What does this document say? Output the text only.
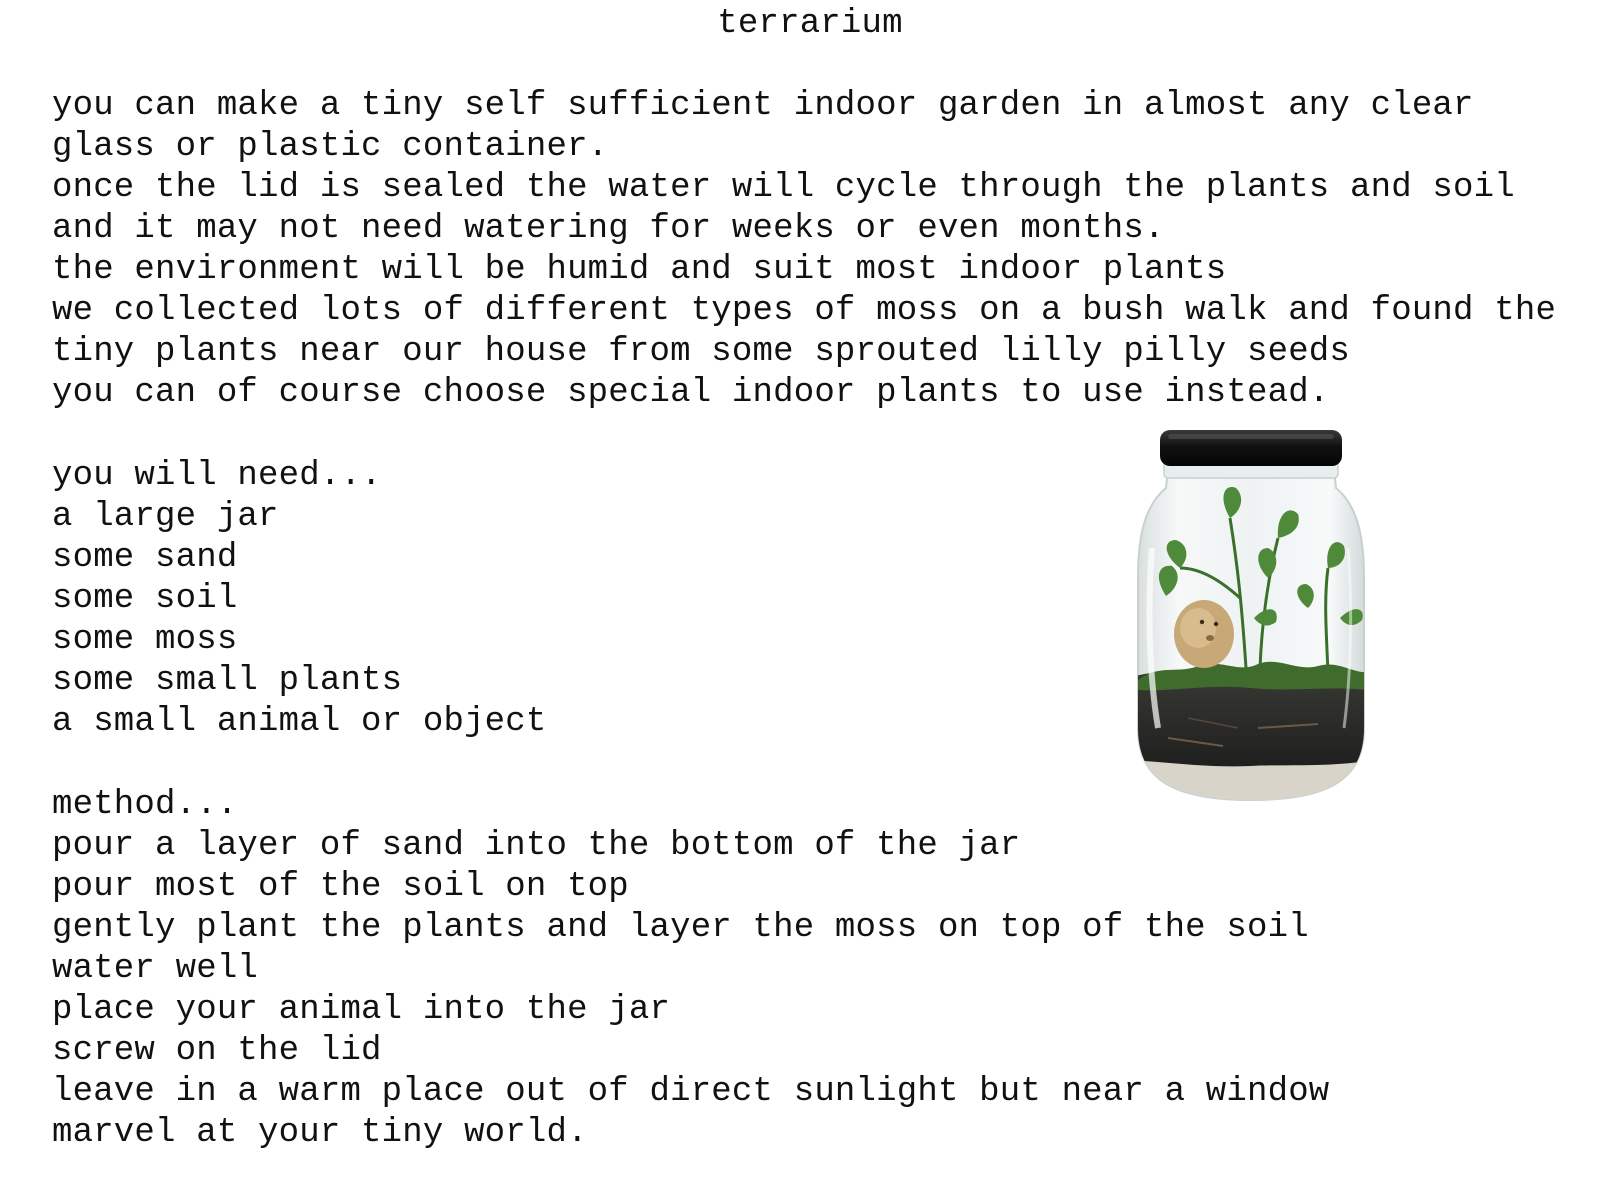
terrarium
you can make a tiny self sufficient indoor garden in almost any clear
glass or plastic container.
once the lid is sealed the water will cycle through the plants and soil
and it may not need watering for weeks or even months.
the environment will be humid and suit most indoor plants
we collected lots of different types of moss on a bush walk and found the
tiny plants near our house from some sprouted lilly pilly seeds
you can of course choose special indoor plants to use instead.
you will need...
a large jar
some sand
some soil
some moss
some small plants
a small animal or object
method...
pour a layer of sand into the bottom of the jar
pour most of the soil on top
gently plant the plants and layer the moss on top of the soil
water well
place your animal into the jar
screw on the lid
leave in a warm place out of direct sunlight but near a window
marvel at your tiny world.
